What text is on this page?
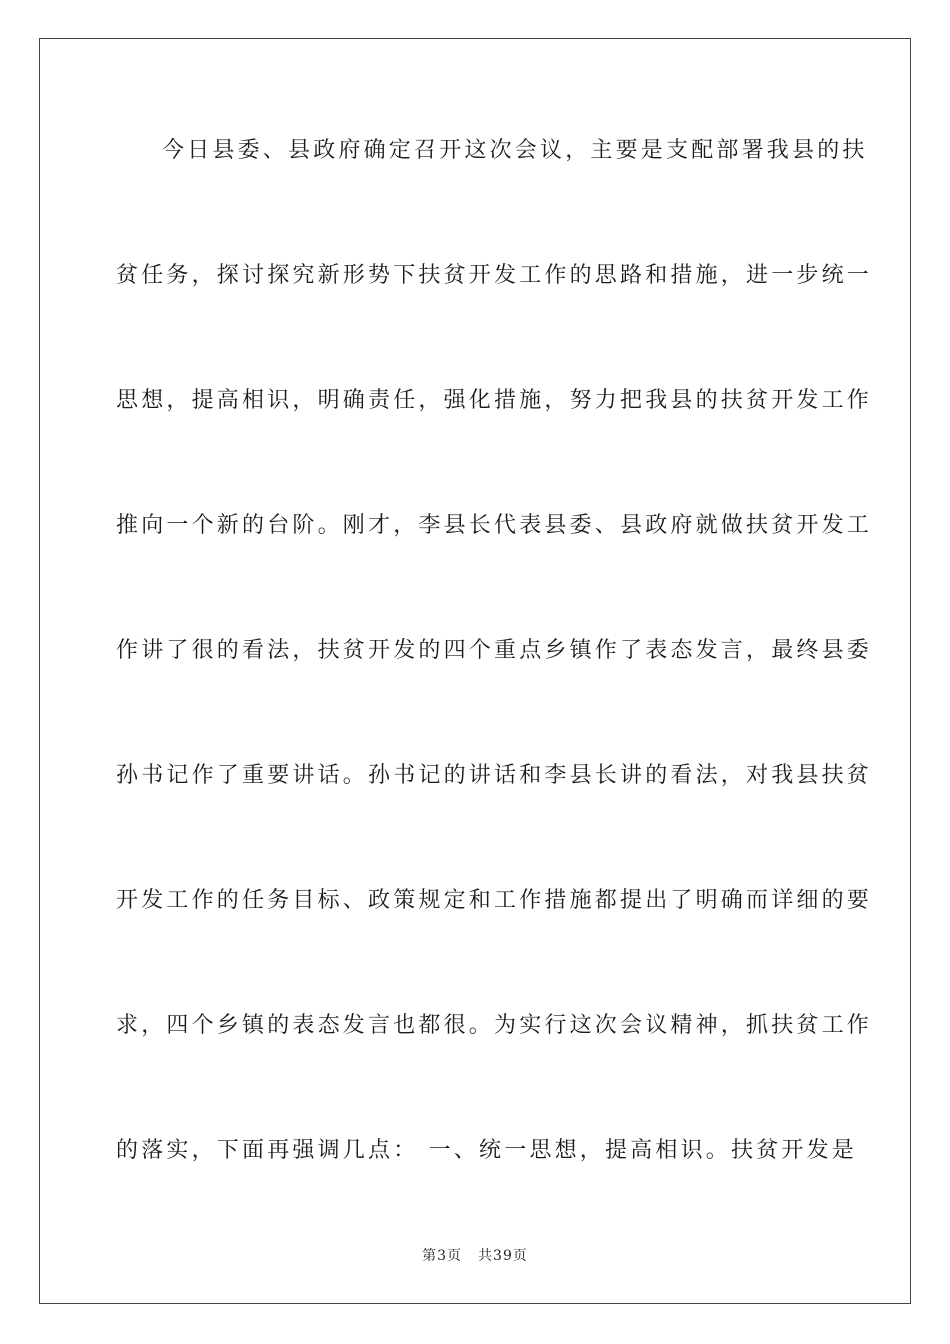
今日县委、县政府确定召开这次会议，主要是支配部署我县的扶
贫任务，探讨探究新形势下扶贫开发工作的思路和措施，进一步统一
思想，提高相识，明确责任，强化措施，努力把我县的扶贫开发工作
推向一个新的台阶。刚才，李县长代表县委、县政府就做扶贫开发工
作讲了很的看法，扶贫开发的四个重点乡镇作了表态发言，最终县委
孙书记作了重要讲话。孙书记的讲话和李县长讲的看法，对我县扶贫
开发工作的任务目标、政策规定和工作措施都提出了明确而详细的要
求，四个乡镇的表态发言也都很。为实行这次会议精神，抓扶贫工作
的落实，下面再强调几点： 一、统一思想，提高相识。扶贫开发是
第3页 共39页
